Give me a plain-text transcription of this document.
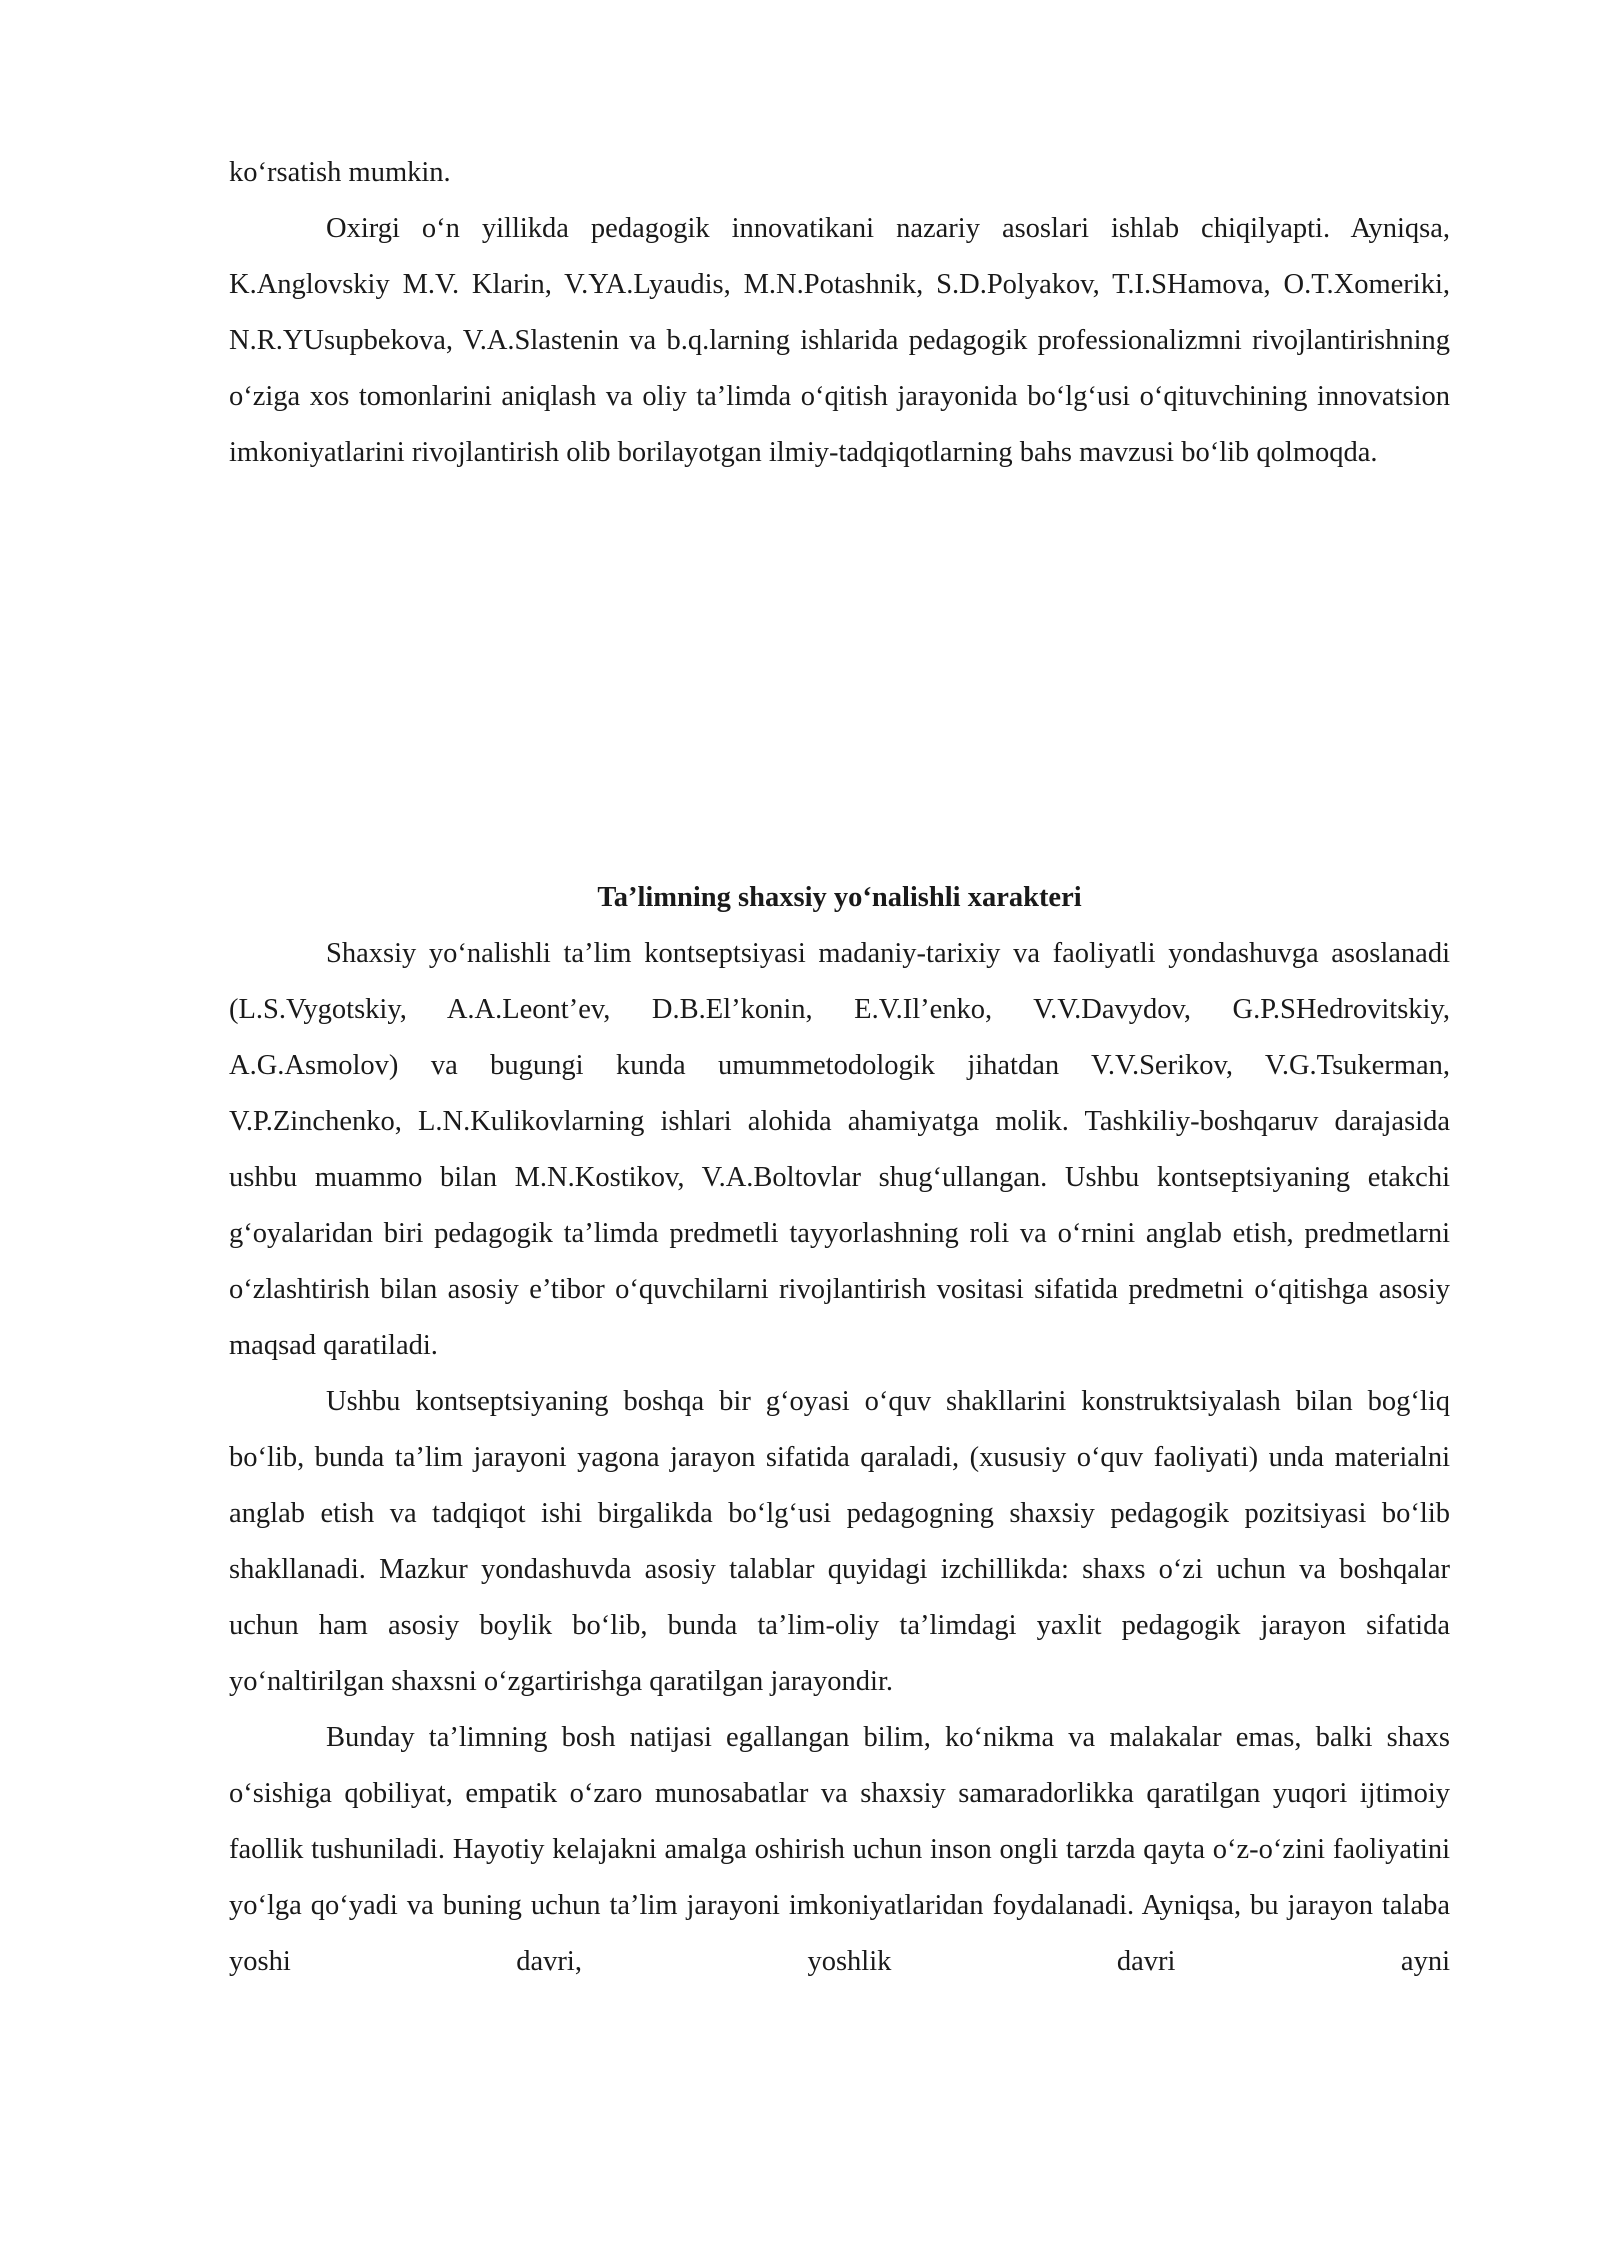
ko‘rsatish mumkin.

Oxirgi o‘n yillikda pedagogik innovatikani nazariy asoslari ishlab chiqilyapti. Ayniqsa, K.Anglovskiy M.V. Klarin, V.YA.Lyaudis, M.N.Potashnik, S.D.Polyakov, T.I.SHamova, O.T.Xomeriki, N.R.YUsupbekova, V.A.Slastenin va b.q.larning ishlarida pedagogik professionalizmni rivojlantirishning o‘ziga xos tomonlarini aniqlash va oliy ta’limda o‘qitish jarayonida bo‘lg‘usi o‘qituvchining innovatsion imkoniyatlarini rivojlantirish olib borilayotgan ilmiy-tadqiqotlarning bahs mavzusi bo‘lib qolmoqda.

Ta’limning shaxsiy yo‘nalishli xarakteri

Shaxsiy yo‘nalishli ta’lim kontseptsiyasi madaniy-tarixiy va faoliyatli yondashuvga asoslanadi (L.S.Vygotskiy, A.A.Leont’ev, D.B.El’konin, E.V.Il’enko, V.V.Davydov, G.P.SHedrovitskiy, A.G.Asmolov) va bugungi kunda umummetodologik jihatdan V.V.Serikov, V.G.Tsukerman, V.P.Zinchenko, L.N.Kulikovlarning ishlari alohida ahamiyatga molik. Tashkiliy-boshqaruv darajasida ushbu muammo bilan M.N.Kostikov, V.A.Boltovlar shug‘ullangan. Ushbu kontseptsiyaning etakchi g‘oyalaridan biri pedagogik ta’limda predmetli tayyorlashning roli va o‘rnini anglab etish, predmetlarni o‘zlashtirish bilan asosiy e’tibor o‘quvchilarni rivojlantirish vositasi sifatida predmetni o‘qitishga asosiy maqsad qaratiladi.

Ushbu kontseptsiyaning boshqa bir g‘oyasi o‘quv shakllarini konstruktsiyalash bilan bog‘liq bo‘lib, bunda ta’lim jarayoni yagona jarayon sifatida qaraladi, (xususiy o‘quv faoliyati) unda materialni anglab etish va tadqiqot ishi birgalikda bo‘lg‘usi pedagogning shaxsiy pedagogik pozitsiyasi bo‘lib shakllanadi. Mazkur yondashuvda asosiy talablar quyidagi izchillikda: shaxs o‘zi uchun va boshqalar uchun ham asosiy boylik bo‘lib, bunda ta’lim-oliy ta’limdagi yaxlit pedagogik jarayon sifatida yo‘naltirilgan shaxsni o‘zgartirishga qaratilgan jarayondir.

Bunday ta’limning bosh natijasi egallangan bilim, ko‘nikma va malakalar emas, balki shaxs o‘sishiga qobiliyat, empatik o‘zaro munosabatlar va shaxsiy samaradorlikka qaratilgan yuqori ijtimoiy faollik tushuniladi. Hayotiy kelajakni amalga oshirish uchun inson ongli tarzda qayta o‘z-o‘zini faoliyatini yo‘lga qo‘yadi va buning uchun ta’lim jarayoni imkoniyatlaridan foydalanadi. Ayniqsa, bu jarayon talaba yoshi davri, yoshlik davri ayni
